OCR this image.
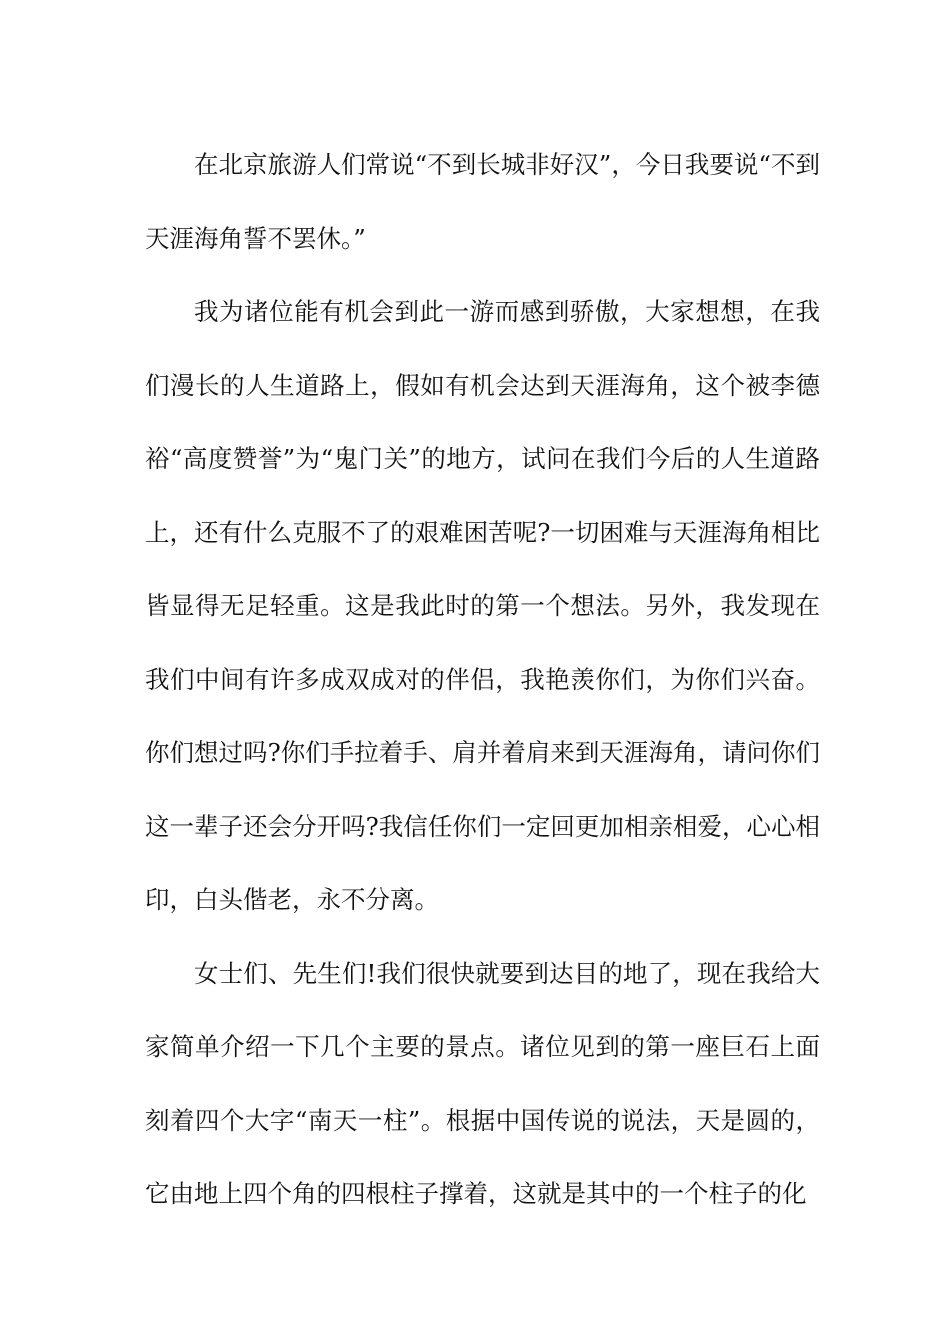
在北京旅游人们常说“不到长城非好汉”，今日我要说“不到天涯海角誓不罢休。”

我为诸位能有机会到此一游而感到骄傲，大家想想，在我们漫长的人生道路上，假如有机会达到天涯海角，这个被李德裕“高度赞誉”为“鬼门关”的地方，试问在我们今后的人生道路上，还有什么克服不了的艰难困苦呢?一切困难与天涯海角相比皆显得无足轻重。这是我此时的第一个想法。另外，我发现在我们中间有许多成双成对的伴侣，我艳羡你们，为你们兴奋。你们想过吗?你们手拉着手、肩并着肩来到天涯海角，请问你们这一辈子还会分开吗?我信任你们一定回更加相亲相爱，心心相印，白头偕老，永不分离。

女士们、先生们!我们很快就要到达目的地了，现在我给大家简单介绍一下几个主要的景点。诸位见到的第一座巨石上面刻着四个大字“南天一柱”。根据中国传说的说法，天是圆的，它由地上四个角的四根柱子撑着，这就是其中的一个柱子的化
